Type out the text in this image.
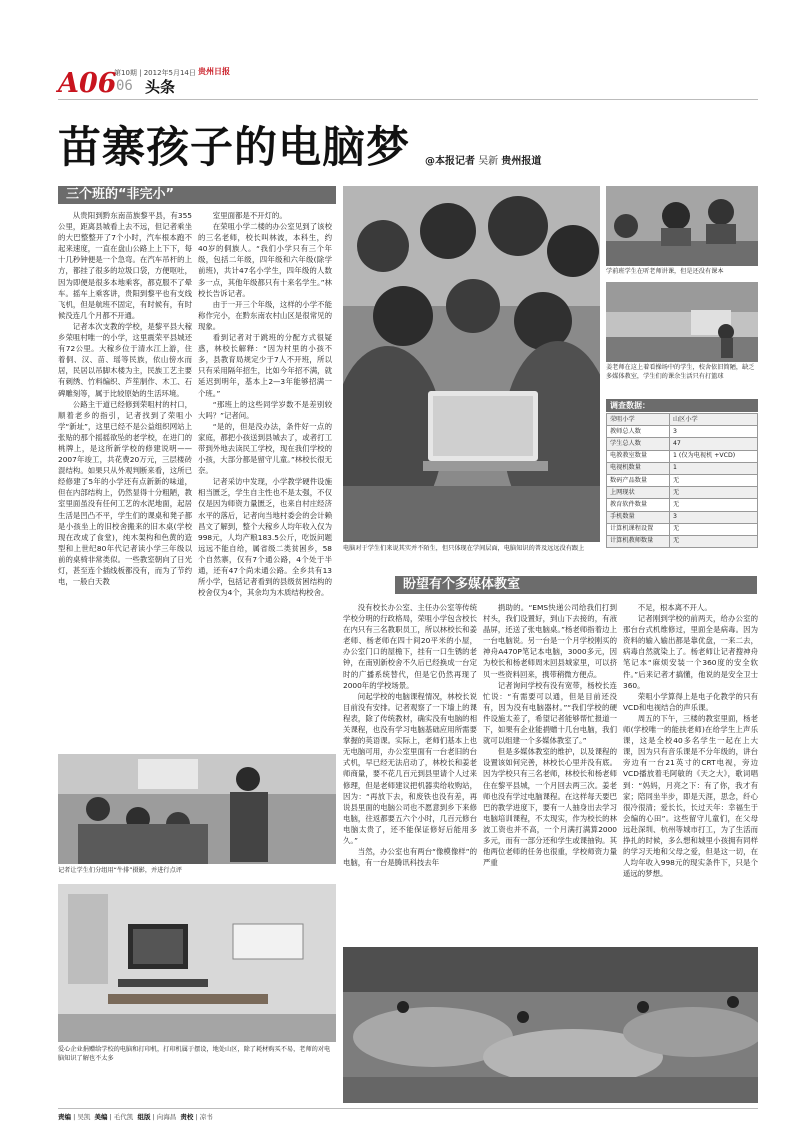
A06
第10期 | 2012年5月14日 贵州日报
06 头条
苗寨孩子的电脑梦 @本报记者 吴新 贵州报道
三个班的“非完小”

从贵阳到黔东南苗族黎平县，有355公里，距离县城看上去不远，但记者乘坐的大巴整整开了7个小时，汽车根本跑不起来速度，一直在盘山公路上上下下，每十几秒钟便是一个急弯。在汽车吊杆的上方，都挂了很多的垃圾口袋，方便呕吐，因为即便是很多本地乘客，都克服不了晕车。摇车上乘客讲，贵阳到黎平也有支线飞机，但是航班不固定，有时候有，有时候没连几个月都不开通。

记者本次支教的学校，是黎平县大稼乡荣咀村唯一的小学，这里震荣平县城还有72公里。大稼乡位于清水江上游，住着侗、汉、苗、瑶等民族，依山傍水而居，民居以吊脚木楼为主，民族工艺主要有刺绣、竹料编织、芦笙制作、木工、石碑雕刻等，属于比较原始的生活环境。

公路主干道已经修到荣咀村的村口，顺着老乡的指引，记者找到了荣咀小学“新址”，这里已经不是公益组织网站上张贴的那个摇摇欲坠的老学校，在进门的桃牌上，是这所新学校的修建说明——2007年竣工，共花费20万元，三层楼砖混结构。如果只从外观判断来看，这所已经修建了5年的小学还有点新新的味道，但在内部结构上，仍然显得十分粗陋，教室里面虽没有任何工艺的水泥地面，起居生活是凹凸不平，学生们的课桌和凳子都是小孩坐上的旧校舍搬来的旧木桌(学校现在改成了食堂)，纯木架构和色黄的造型和上世纪80年代记者读小学三年级以前的桌椅非常类似。一些教室朝向了日光灯，甚至连个插线板都没有，而为了节约电，一般白天教

室里面都是不开灯的。

在荣咀小学二楼的办公室见到了该校的三名老师，校长叫林波，本科生，约40岁的侗族人。“我们小学只有三个年级，包括二年级，四年级和六年级(除学前班)，共计47名小学生，四年级的人数多一点，其他年级都只有十来名学生。”林校长告诉记者。

由于一开三个年级，这样的小学不能称作完小，在黔东南农村山区是很常见的现象。

看到记者对于跳班的分配方式很疑惑，林校长解释：“因为村里的小孩不多，县教育局规定少于7人不开班，所以只有采用隔年招生，比如今年招不满，就延迟到明年，基本上2—3年能够招满一个班。”

“那班上的这些同学岁数不是差别较大吗？”记者问。

“是的，但是没办法，条件好一点的家庭，都把小孩送到县城去了，或者打工带到外地去读民工学校，现在我们学校的小孩，大部分都是留守儿童。”林校长很无奈。

记者采访中发现，小学教学硬件设施相当匮乏，学生自主性也不是太强，不仅仅是因为师资力量匮乏，也来自村庄经济水平的落后，记者向当地村委会的会计赖昌文了解到，整个大稼乡人均年收入仅为998元，人均产粮183.5公斤，吃饭问题远远不能自给，属省级二类贫困乡，58个自然寨，仅有7个通公路，4个处于半通，还有47个尚未通公路。全乡共有13所小学，包括记者看到的县级贫困结构的校舍仅为4个，其余均为木质结构校舍。

电脑对于学生们来说其实并不陌生，但只体现在学间层面，电脑知识的普及远远没有跟上
学前班学生在听老师讲课，但是还没有课本
姜老师在这上着看操场中的学生，校舍依旧简陋，缺乏多媒体教室，学生们的课余生活只有打篮球
调查数据：
荣咀小学	山区小学
教师总人数	3
学生总人数	47
电教教室数量	1 (仅为电视机 +VCD)
电视机数量	1
数码产品数量	无
上网现状	无
教育软件数量	无
手机数量	3
计算机课程设置	无
计算机教师数量	无
盼望有个多媒体教室

没有校长办公室、主任办公室等传统学校分明的行政格局，荣咀小学包含校长在内只有三名教职员工，所以林校长和姜老师、杨老师在四十间20平米的小屋，办公室门口的屋檐下，挂有一口生锈的老钟，在南别新校舍不久后已经换成一台定时的广播系统替代，但是它仍然再现了2000年的学校场景。

问起学校的电脑课程情况，林校长说目前没有安排。记者观察了一下墙上的课程表，除了传统教材，确实没有电脑的相关课程，也没有学习电脑基础应用所需要掌握的英语课。实际上，老师们基本上也无电脑可用，办公室里面有一台老旧的台式机，早已经无法启动了，林校长和姜老师商量，要不花几百元到县里请个人过来修理，但是老师建议把机器卖给收购站，因为：“再放下去，和废铁也没有差，再说县里面的电脑公司也不愿意到乡下来修电脑，往返都要五六个小时，几百元修台电脑太贵了，还不能保证修好后能用多久。”

当然，办公室也有两台“像模像样”的电脑，有一台是腾讯科技去年

捐助的。“EMS快递公司给我们打到村头，我们设置好，到山下去接的，有液晶屏，还送了张电脑桌。”杨老师指着边上一台电脑说。另一台是一个月学校刚买的神舟A470P笔记本电脑，3000多元，因为校长和杨老师周末回县城家里，可以挤贝一些资料回来，携带稍微方便点。

记者询问学校有没有宽带，杨校长连忙说：“有需要可以通，但是目前还没有，因为没有电脑器材。”“我们学校的硬件设施太差了，希望记者能够帮忙报道一下，如果有企业能捐赠十几台电脑，我们就可以组建一个多媒体教室了。”

但是多媒体教室的维护，以及课程的设置该如何完善，林校长心里并没有底。因为学校只有三名老师，林校长和杨老师住在黎平县城，一个月回去两三次。姜老师也没有学过电脑课程。在这样每天要巴巴的教学进度下，要有一人抽身出去学习电脑培训课程，不太现实，作为校长的林波工资也并不高，一个月满打满算2000多元，而有一部分还和学生或课抽钩。其他两位老师的任务也很重，学校师资力量严重

不足，根本离不开人。

记者刚到学校的前两天，给办公室的那台台式机维修过，里面全是病毒。因为资料的输入输出都是靠优盘，一来二去，病毒自然就染上了。杨老师让记者搜神舟笔记本“麻烦安装一个360度的安全软件。”后来记者才搞懂，他说的是安全卫士360。

荣咀小学算得上是电子化教学的只有VCD和电视结合的声乐课。

周五的下午，三楼的教室里面，杨老师(学校唯一的能扶老师)在给学生上声乐课，这是全校40多名学生一起在上大课，因为只有音乐课是不分年级的，讲台旁边有一台21英寸的CRT电视，旁边VCD播放着毛阿敏的《天之大》，歌词唱到：“妈妈，月亮之下：有了你，我才有家；陪同坐半步，即是天涯，思念，纤心很冷很清；爱长长，长过天年：幸福生于会编的心田”。这些留守儿童们，在父母远赴深圳、杭州等城市打工，为了生活而挣扎的时候，多么想和城里小孩拥有同样的学习天地和父母之爱，但是这一切，在人均年收入998元的现实条件下，只是个遥远的梦想。

记者让学生们分组用“牛排”摄影，并进行点评
爱心企业捐赠给学校的电脑和打印机，打印机属于摆设，地处山区，除了耗材购买不易，老师的对电脑知识了解也不太多
责编 | 吴凯 美编 | 毛代凯 组版 | 向海昌 责校 | 凉书
